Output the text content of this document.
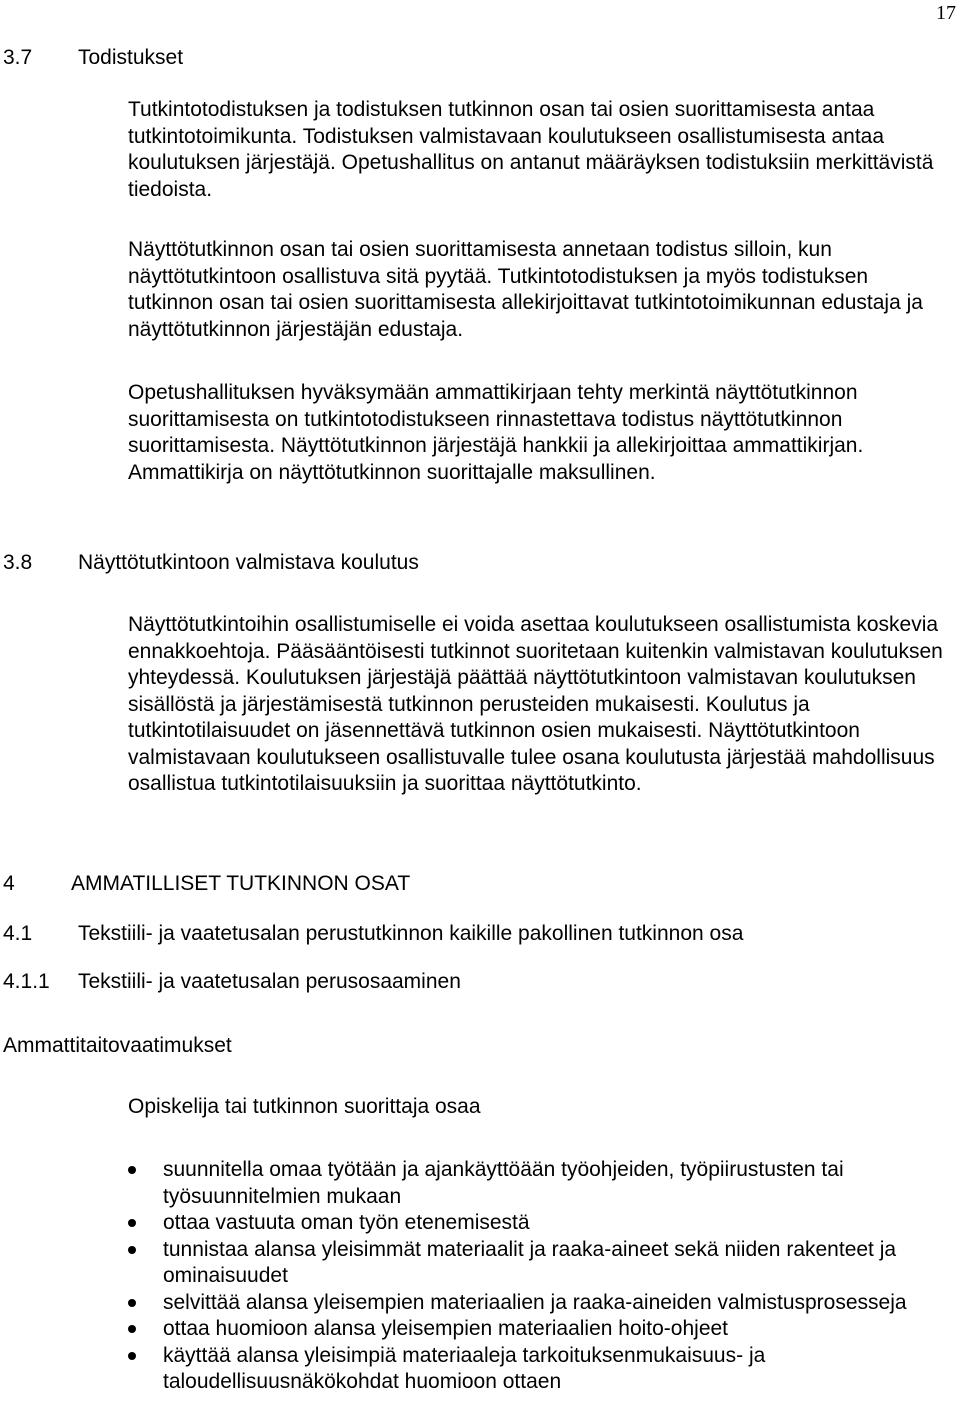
17
3.7 Todistukset

Tutkintotodistuksen ja todistuksen tutkinnon osan tai osien suorittamisesta antaa tutkintotoimikunta. Todistuksen valmistavaan koulutukseen osallistumisesta antaa koulutuksen järjestäjä. Opetushallitus on antanut määräyksen todistuksiin merkittävistä tiedoista.

Näyttötutkinnon osan tai osien suorittamisesta annetaan todistus silloin, kun näyttötutkintoon osallistuva sitä pyytää. Tutkintotodistuksen ja myös todistuksen tutkinnon osan tai osien suorittamisesta allekirjoittavat tutkintotoimikunnan edustaja ja näyttötutkinnon järjestäjän edustaja.

Opetushallituksen hyväksymään ammattikirjaan tehty merkintä näyttötutkinnon suorittamisesta on tutkintotodistukseen rinnastettava todistus näyttötutkinnon suorittamisesta. Näyttötutkinnon järjestäjä hankkii ja allekirjoittaa ammattikirjan. Ammattikirja on näyttötutkinnon suorittajalle maksullinen.

3.8 Näyttötutkintoon valmistava koulutus

Näyttötutkintoihin osallistumiselle ei voida asettaa koulutukseen osallistumista koskevia ennakkoehtoja. Pääsääntöisesti tutkinnot suoritetaan kuitenkin valmistavan koulutuksen yhteydessä. Koulutuksen järjestäjä päättää näyttötutkintoon valmistavan koulutuksen sisällöstä ja järjestämisestä tutkinnon perusteiden mukaisesti. Koulutus ja tutkintotilaisuudet on jäsennettävä tutkinnon osien mukaisesti. Näyttötutkintoon valmistavaan koulutukseen osallistuvalle tulee osana koulutusta järjestää mahdollisuus osallistua tutkintotilaisuuksiin ja suorittaa näyttötutkinto.

4	AMMATILLISET TUTKINNON OSAT
4.1 Tekstiili- ja vaatetusalan perustutkinnon kaikille pakollinen tutkinnon osa
4.1.1 Tekstiili- ja vaatetusalan perusosaaminen
Ammattitaitovaatimukset

Opiskelija tai tutkinnon suorittaja osaa

suunnitella omaa työtään ja ajankäyttöään työohjeiden, työpiirustusten tai työsuunnitelmien mukaan
ottaa vastuuta oman työn etenemisestä
tunnistaa alansa yleisimmät materiaalit ja raaka-aineet sekä niiden rakenteet ja ominaisuudet
selvittää alansa yleisempien materiaalien ja raaka-aineiden valmistusprosesseja
ottaa huomioon alansa yleisempien materiaalien hoito-ohjeet
käyttää alansa yleisimpiä materiaaleja tarkoituksenmukaisuus- ja taloudellisuusnäkökohdat huomioon ottaen
